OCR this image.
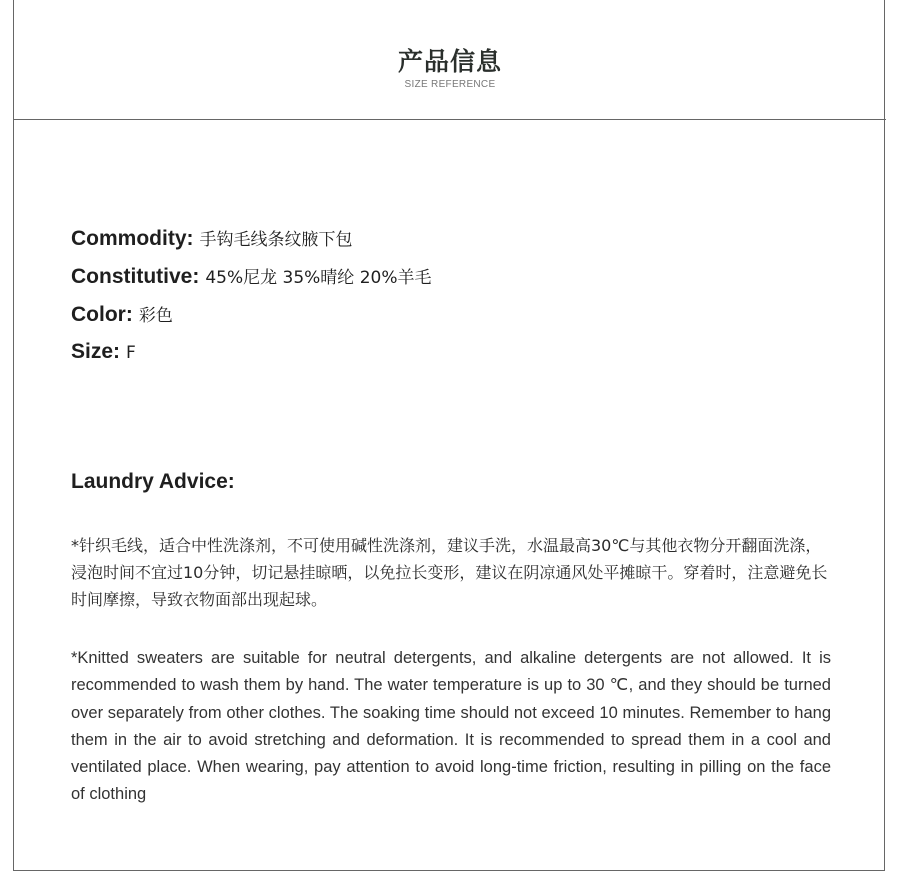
产品信息
SIZE REFERENCE
Commodity: 手钩毛线条纹腋下包
Constitutive: 45%尼龙 35%晴纶 20%羊毛
Color: 彩色
Size: F
Laundry Advice:
*针织毛线，适合中性洗涤剂，不可使用碱性洗涤剂，建议手洗，水温最高30℃与其他衣物分开翻面洗涤，浸泡时间不宜过10分钟，切记悬挂晾晒，以免拉长变形，建议在阴凉通风处平摊晾干。穿着时，注意避免长时间摩擦，导致衣物面部出现起球。
*Knitted sweaters are suitable for neutral detergents, and alkaline detergents are not allowed. It is recommended to wash them by hand. The water temperature is up to 30 ℃, and they should be turned over separately from other clothes. The soaking time should not exceed 10 minutes. Remember to hang them in the air to avoid stretching and deformation. It is recommended to spread them in a cool and ventilated place. When wearing, pay attention to avoid long-time friction, resulting in pilling on the face of clothing
